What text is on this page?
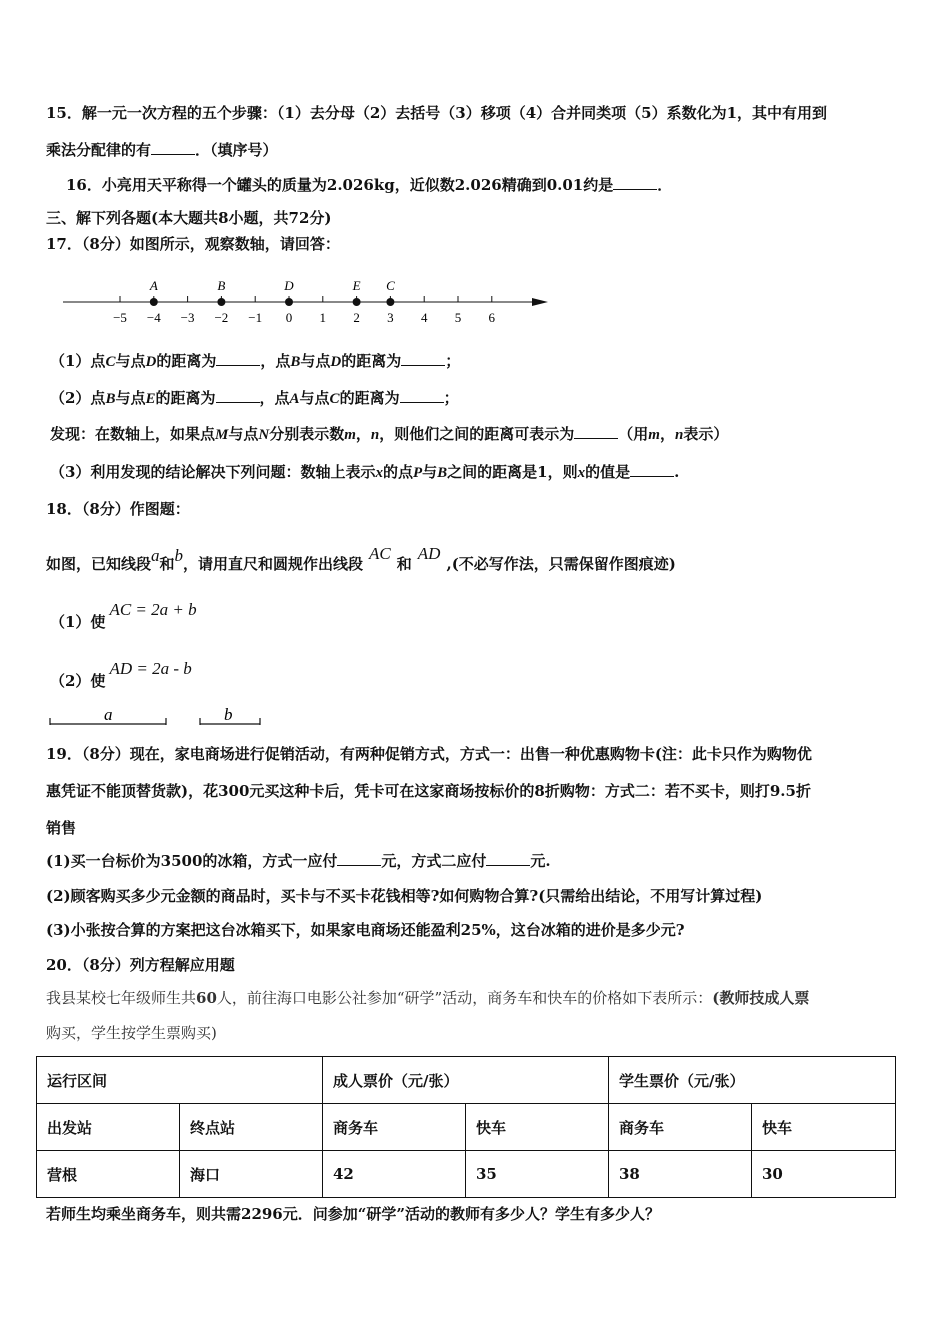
15．解一元一次方程的五个步骤：（1）去分母（2）去括号（3）移项（4）合并同类项（5）系数化为1，其中有用到
乘法分配律的有	．（填序号）
16．小亮用天平称得一个罐头的质量为2.026kg，近似数2.026精确到0.01约是	．
三、解下列各题(本大题共8小题，共72分)
17．（8分）如图所示，观察数轴，请回答：
−5 −4 −3 −2 −1 0 1 2 3 4 5 6
A	B	D	E C
（1）点C与点D的距离为	，点B与点D的距离为	；
（2）点B与点E的距离为	，点A与点C的距离为	；
发现：在数轴上，如果点M与点N分别表示数m，n，则他们之间的距离可表示为	（用m，n表示）
（3）利用发现的结论解决下列问题：数轴上表示x的点P与B之间的距离是1，则x的值是	.
18．（8分）作图题：
如图，已知线段a和b，请用直尺和圆规作出线段AC和AD,(不必写作法，只需保留作图痕迹)
（1）使AC = 2a + b
（2）使AD = 2a - b
a	b
19．（8分）现在，家电商场进行促销活动，有两种促销方式，方式一：出售一种优惠购物卡(注：此卡只作为购物优
惠凭证不能顶替货款)，花300元买这种卡后，凭卡可在这家商场按标价的8折购物：方式二：若不买卡，则打9.5折
销售
(1)买一台标价为3500的冰箱，方式一应付	元，方式二应付	元.
(2)顾客购买多少元金额的商品时，买卡与不买卡花钱相等?如何购物合算?(只需给出结论，不用写计算过程)
(3)小张按合算的方案把这台冰箱买下，如果家电商场还能盈利25%，这台冰箱的进价是多少元?
20．（8分）列方程解应用题
我县某校七年级师生共60人，前往海口电影公社参加“研学”活动，商务车和快车的价格如下表所示：(教师技成人票
购买，学生按学生票购买)
运行区间		成人票价（元/张）		学生票价（元/张）	
出发站	终点站	商务车	快车	商务车	快车
营根	海口	42	35	38	30
若师生均乘坐商务车，则共需2296元．问参加“研学”活动的教师有多少人？学生有多少人？
